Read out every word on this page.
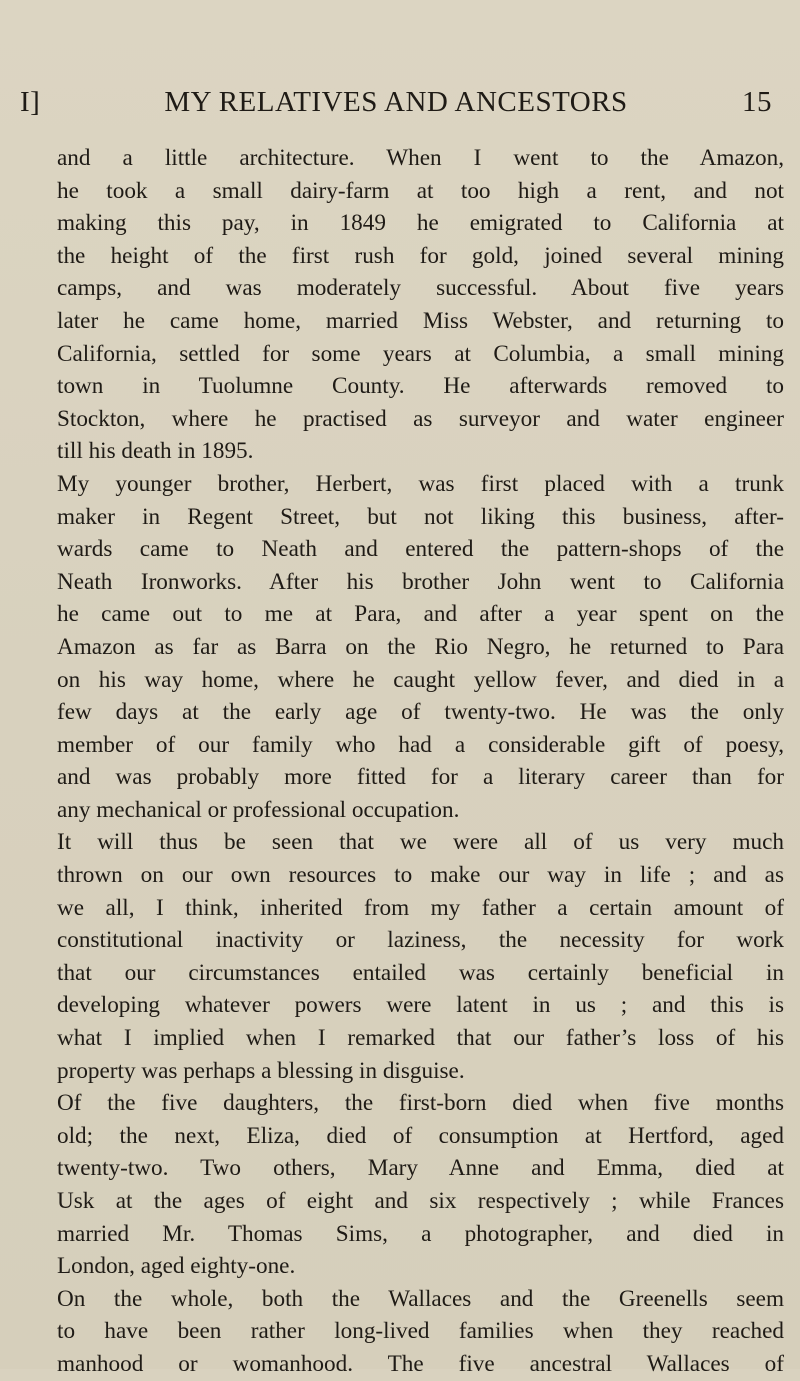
I]	MY RELATIVES AND ANCESTORS	15
and a little architecture. When I went to the Amazon,
he took a small dairy-farm at too high a rent, and not
making this pay, in 1849 he emigrated to California at
the height of the first rush for gold, joined several mining
camps, and was moderately successful. About five years
later he came home, married Miss Webster, and returning to
California, settled for some years at Columbia, a small mining
town in Tuolumne County. He afterwards removed to
Stockton, where he practised as surveyor and water engineer
till his death in 1895.
My younger brother, Herbert, was first placed with a trunk
maker in Regent Street, but not liking this business, after-
wards came to Neath and entered the pattern-shops of the
Neath Ironworks. After his brother John went to California
he came out to me at Para, and after a year spent on the
Amazon as far as Barra on the Rio Negro, he returned to Para
on his way home, where he caught yellow fever, and died in a
few days at the early age of twenty-two. He was the only
member of our family who had a considerable gift of poesy,
and was probably more fitted for a literary career than for
any mechanical or professional occupation.
It will thus be seen that we were all of us very much
thrown on our own resources to make our way in life ; and as
we all, I think, inherited from my father a certain amount of
constitutional inactivity or laziness, the necessity for work
that our circumstances entailed was certainly beneficial in
developing whatever powers were latent in us ; and this is
what I implied when I remarked that our father’s loss of his
property was perhaps a blessing in disguise.
Of the five daughters, the first-born died when five months
old; the next, Eliza, died of consumption at Hertford, aged
twenty-two. Two others, Mary Anne and Emma, died at
Usk at the ages of eight and six respectively ; while Frances
married Mr. Thomas Sims, a photographer, and died in
London, aged eighty-one.
On the whole, both the Wallaces and the Greenells seem
to have been rather long-lived families when they reached
manhood or womanhood. The five ancestral Wallaces of
